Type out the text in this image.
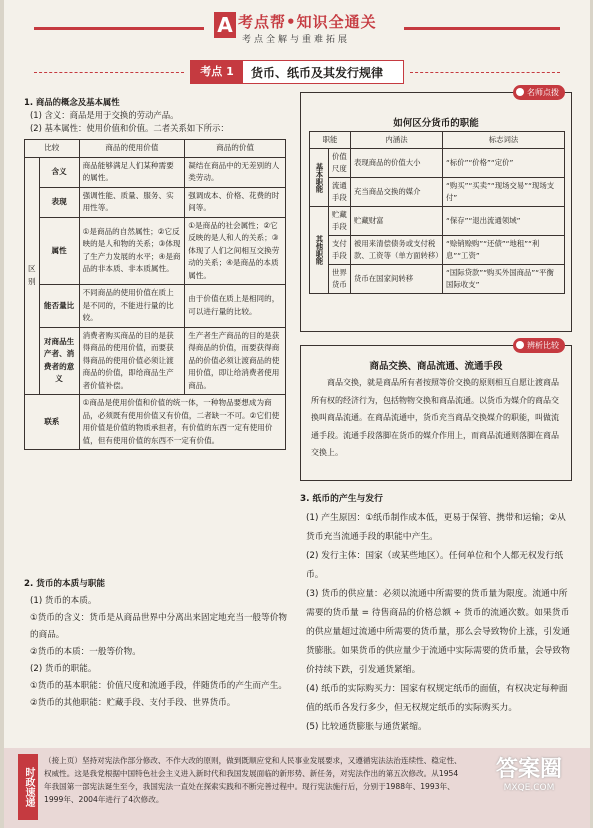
A 考点帮•知识全通关
考点全解与重难拓展
考点 1	货币、纸币及其发行规律
1. 商品的概念及基本属性
(1) 含义：商品是用于交换的劳动产品。
(2) 基本属性：使用价值和价值。二者关系如下所示：
比较		商品的使用价值	商品的价值
区别	含义	商品能够满足人们某种需要的属性。	凝结在商品中的无差别的人类劳动。
	表现	强调性能、质量、服务、实用性等。	强调成本、价格、花费的时间等。
	属性	①是商品的自然属性；②它反映的是人和物的关系；③体现了生产力发展的水平；④是商品的非本质、非本质属性。	①是商品的社会属性；②它反映的是人和人的关系；③体现了人们之间相互交换劳动的关系；④是商品的本质属性。
	能否量比	不同商品的使用价值在质上是不同的，不能进行量的比较。	由于价值在质上是相同的，可以进行量的比较。
	对商品生产者、消费者的意义	消费者购买商品的目的是获得商品的使用价值，而要获得商品的使用价值必须让渡商品的价值，即给商品生产者价值补偿。	生产者生产商品的目的是获得商品的价值，而要获得商品的价值必须让渡商品的使用价值，即让给消费者使用商品。
联系		①商品是使用价值和价值的统一体，一种物品要想成为商品，必须既有使用价值又有价值，二者缺一不可。②它们使用价值是价值的物质承担者，有价值的东西一定有使用价值，但有使用价值的东西不一定有价值。	
2. 货币的本质与职能
(1) 货币的本质。
①货币的含义：货币是从商品世界中分离出来固定地充当一般等价物的商品。
②货币的本质：一般等价物。
(2) 货币的职能。
①货币的基本职能：价值尺度和流通手段，伴随货币的产生而产生。
②货币的其他职能：贮藏手段、支付手段、世界货币。
名师点拨
如何区分货币的职能
职能		内涵法	标志词法
基本职能	价值尺度	表现商品的价值大小	“标价”“价格”“定价”
	流通手段	充当商品交换的媒介	“购买”“买卖”“现场交易”“现场支付”
其他职能	贮藏手段	贮藏财富	“保存”“退出流通领域”
	支付手段	被用来清偿债务或支付税款、工资等（单方面转移）	“赊销赊购”“还债”“地租”“利息”“工资”
	世界货币	货币在国家间转移	“国际贷款”“购买外国商品”“平衡国际收支”
辨析比较
商品交换、商品流通、流通手段
商品交换，就是商品所有者按照等价交换的原则相互自愿让渡商品所有权的经济行为，包括物物交换和商品流通。以货币为媒介的商品交换叫商品流通。在商品流通中，货币充当商品交换媒介的职能，叫做流通手段。流通手段落脚在货币的媒介作用上，而商品流通则落脚在商品交换上。
3. 纸币的产生与发行
(1) 产生原因：①纸币制作成本低，更易于保管、携带和运输；②从货币充当流通手段的职能中产生。
(2) 发行主体：国家（或某些地区）。任何单位和个人都无权发行纸币。
(3) 货币的供应量：必须以流通中所需要的货币量为限度。流通中所需要的货币量 = 待售商品的价格总额 ÷ 货币的流通次数。如果货币的供应量超过流通中所需要的货币量，那么会导致物价上涨，引发通货膨胀。如果货币的供应量少于流通中实际需要的货币量，会导致物价持续下跌，引发通货紧缩。
(4) 纸币的实际购买力：国家有权规定纸币的面值，有权决定每种面值的纸币各发行多少，但无权规定纸币的实际购买力。
(5) 比较通货膨胀与通货紧缩。
时政速递
（接上页）坚持对宪法作部分修改、不作大改的原则，做到既顺应党和人民事业发展要求，又遵循宪法法治连续性、稳定性、权威性。这是我党根据中国特色社会主义进入新时代和我国发展面临的新形势、新任务，对宪法作出的第五次修改。从1954年我国第一部宪法诞生至今，我国宪法一直处在探索实践和不断完善过程中。现行宪法施行后，分别于1988年、1993年、1999年、2004年进行了4次修改。
答案圈
MXQE.COM
